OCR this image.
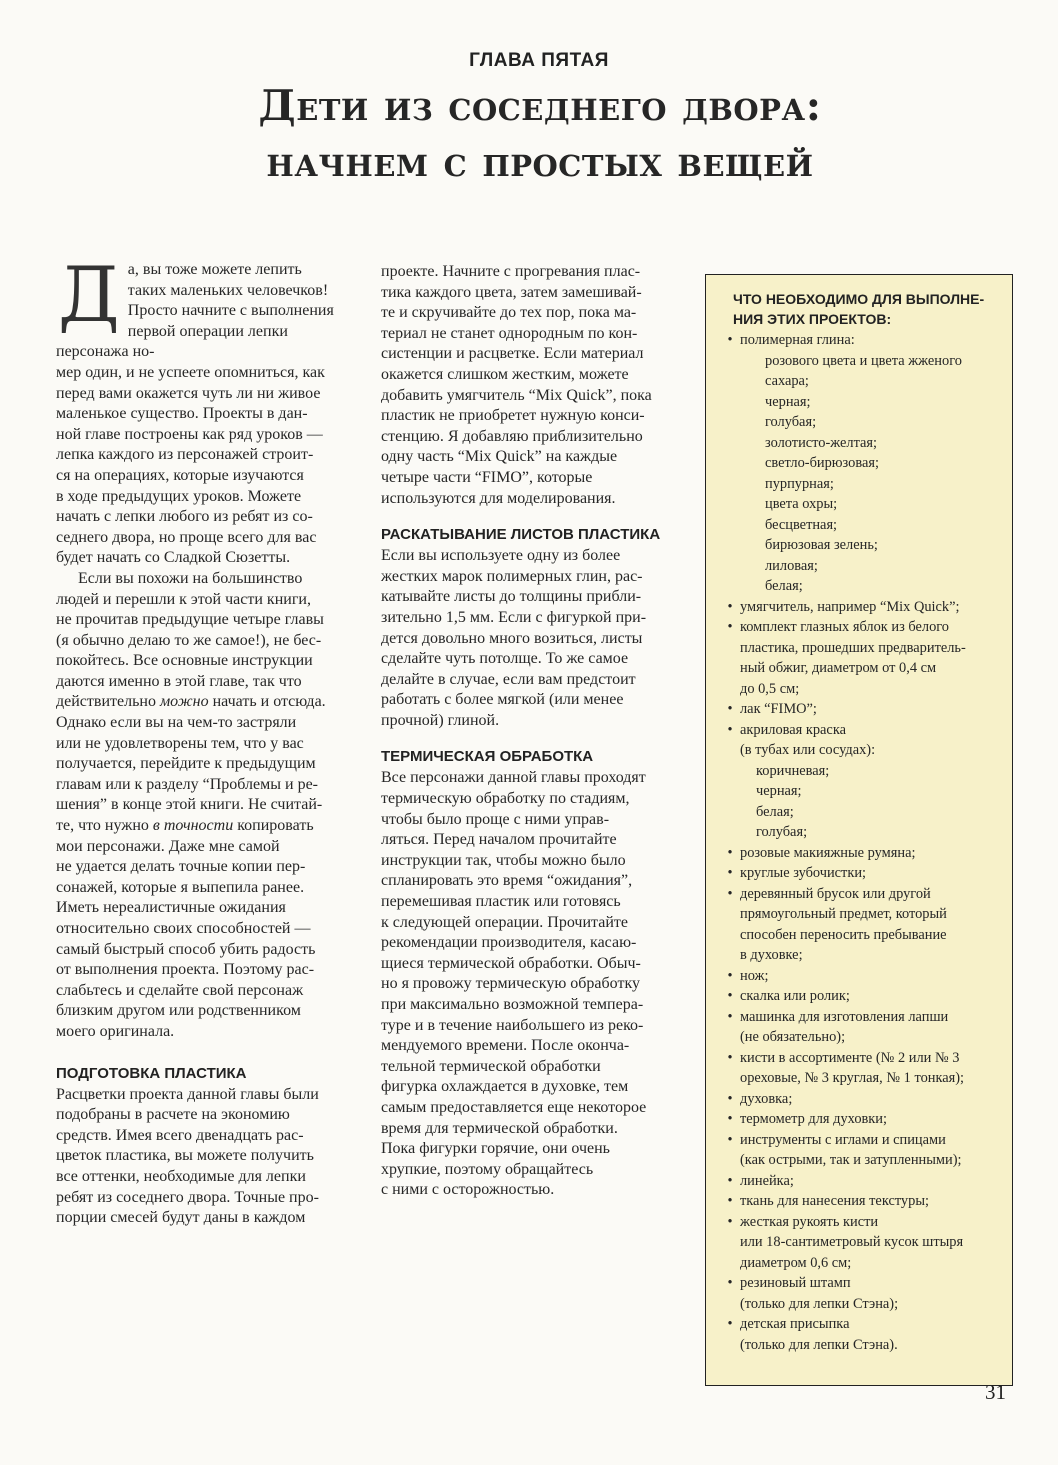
ГЛАВА ПЯТАЯ
Дети из соседнего двора:
начнем с простых вещей

Д а, вы тоже можете лепить
таких маленьких человечков!
Просто начните с выполнения
первой операции лепки персонажа но-
мер один, и не успеете опомниться, как
перед вами окажется чуть ли ни живое
маленькое существо. Проекты в дан-
ной главе построены как ряд уроков —
лепка каждого из персонажей строит-
ся на операциях, которые изучаются
в ходе предыдущих уроков. Можете
начать с лепки любого из ребят из со-
седнего двора, но проще всего для вас
будет начать со Сладкой Сюзетты.

Если вы похожи на большинство
людей и перешли к этой части книги,
не прочитав предыдущие четыре главы
(я обычно делаю то же самое!), не бес-
покойтесь. Все основные инструкции
даются именно в этой главе, так что
действительно можно начать и отсюда.
Однако если вы на чем-то застряли
или не удовлетворены тем, что у вас
получается, перейдите к предыдущим
главам или к разделу “Проблемы и ре-
шения” в конце этой книги. Не считай-
те, что нужно в точности копировать
мои персонажи. Даже мне самой
не удается делать точные копии пер-
сонажей, которые я выпепила ранее.
Иметь нереалистичные ожидания
относительно своих способностей —
самый быстрый способ убить радость
от выполнения проекта. Поэтому рас-
слабьтесь и сделайте свой персонаж
близким другом или родственником
моего оригинала.

ПОДГОТОВКА ПЛАСТИКА

Расцветки проекта данной главы были
подобраны в расчете на экономию
средств. Имея всего двенадцать рас-
цветок пластика, вы можете получить
все оттенки, необходимые для лепки
ребят из соседнего двора. Точные про-
порции смесей будут даны в каждом

проекте. Начните с прогревания плас-
тика каждого цвета, затем замешивай-
те и скручивайте до тех пор, пока ма-
териал не станет однородным по кон-
систенции и расцветке. Если материал
окажется слишком жестким, можете
добавить умягчитель “Mix Quick”, пока
пластик не приобретет нужную конси-
стенцию. Я добавляю приблизительно
одну часть “Mix Quick” на каждые
четыре части “FIMO”, которые
используются для моделирования.

РАСКАТЫВАНИЕ ЛИСТОВ ПЛАСТИКА

Если вы используете одну из более
жестких марок полимерных глин, рас-
катывайте листы до толщины прибли-
зительно 1,5 мм. Если с фигуркой при-
дется довольно много возиться, листы
сделайте чуть потолще. То же самое
делайте в случае, если вам предстоит
работать с более мягкой (или менее
прочной) глиной.

ТЕРМИЧЕСКАЯ ОБРАБОТКА

Все персонажи данной главы проходят
термическую обработку по стадиям,
чтобы было проще с ними управ-
ляться. Перед началом прочитайте
инструкции так, чтобы можно было
спланировать это время “ожидания”,
перемешивая пластик или готовясь
к следующей операции. Прочитайте
рекомендации производителя, касаю-
щиеся термической обработки. Обыч-
но я провожу термическую обработку
при максимально возможной темпера-
туре и в течение наибольшего из реко-
мендуемого времени. После оконча-
тельной термической обработки
фигурка охлаждается в духовке, тем
самым предоставляется еще некоторое
время для термической обработки.
Пока фигурки горячие, они очень
хрупкие, поэтому обращайтесь
с ними с осторожностью.

ЧТО НЕОБХОДИМО ДЛЯ ВЫПОЛНЕ-
НИЯ ЭТИХ ПРОЕКТОВ:
• полимерная глина:
розового цвета и цвета жженого
сахара;
черная;
голубая;
золотисто-желтая;
светло-бирюзовая;
пурпурная;
цвета охры;
бесцветная;
бирюзовая зелень;
лиловая;
белая;
• умягчитель, например “Mix Quick”;
• комплект глазных яблок из белого
пластика, прошедших предваритель-
ный обжиг, диаметром от 0,4 см
до 0,5 см;
• лак “FIMO”;
• акриловая краска
(в тубах или сосудах):
коричневая;
черная;
белая;
голубая;
• розовые макияжные румяна;
• круглые зубочистки;
• деревянный брусок или другой
прямоугольный предмет, который
способен переносить пребывание
в духовке;
• нож;
• скалка или ролик;
• машинка для изготовления лапши
(не обязательно);
• кисти в ассортименте (№ 2 или № 3
ореховые, № 3 круглая, № 1 тонкая);
• духовка;
• термометр для духовки;
• инструменты с иглами и спицами
(как острыми, так и затупленными);
• линейка;
• ткань для нанесения текстуры;
• жесткая рукоять кисти
или 18-сантиметровый кусок штыря
диаметром 0,6 см;
• резиновый штамп
(только для лепки Стэна);
• детская присыпка
(только для лепки Стэна).
31
